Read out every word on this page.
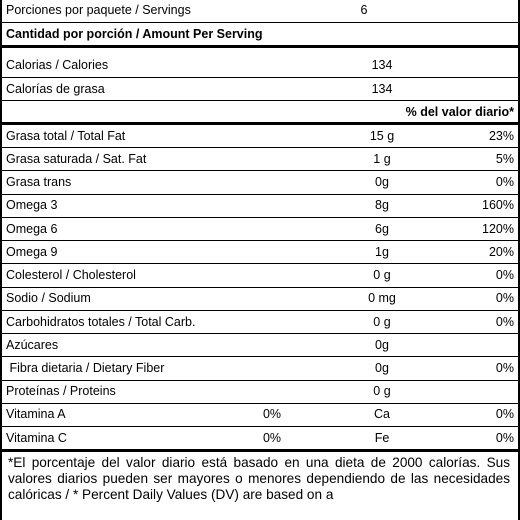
Porciones por paquete / Servings	6
Cantidad por porción / Amount Per Serving
Calorias / Calories	134
Calorías de grasa	134
% del valor diario*
Grasa total / Total Fat	15 g	23%
Grasa saturada / Sat. Fat	1 g	5%
Grasa trans	0g	0%
Omega 3	8g	160%
Omega 6	6g	120%
Omega 9	1g	20%
Colesterol / Cholesterol	0 g	0%
Sodio / Sodium	0 mg	0%
Carbohidratos totales / Total Carb.	0 g	0%
Azúcares	0g
Fibra dietaria / Dietary Fiber	0g	0%
Proteínas / Proteins	0 g
Vitamina A	0%	Ca	0%
Vitamina C	0%	Fe	0%
*El porcentaje del valor diario está basado en una dieta de 2000 calorías. Sus valores diarios pueden ser mayores o menores dependiendo de las necesidades calóricas / * Percent Daily Values (DV) are based on a
